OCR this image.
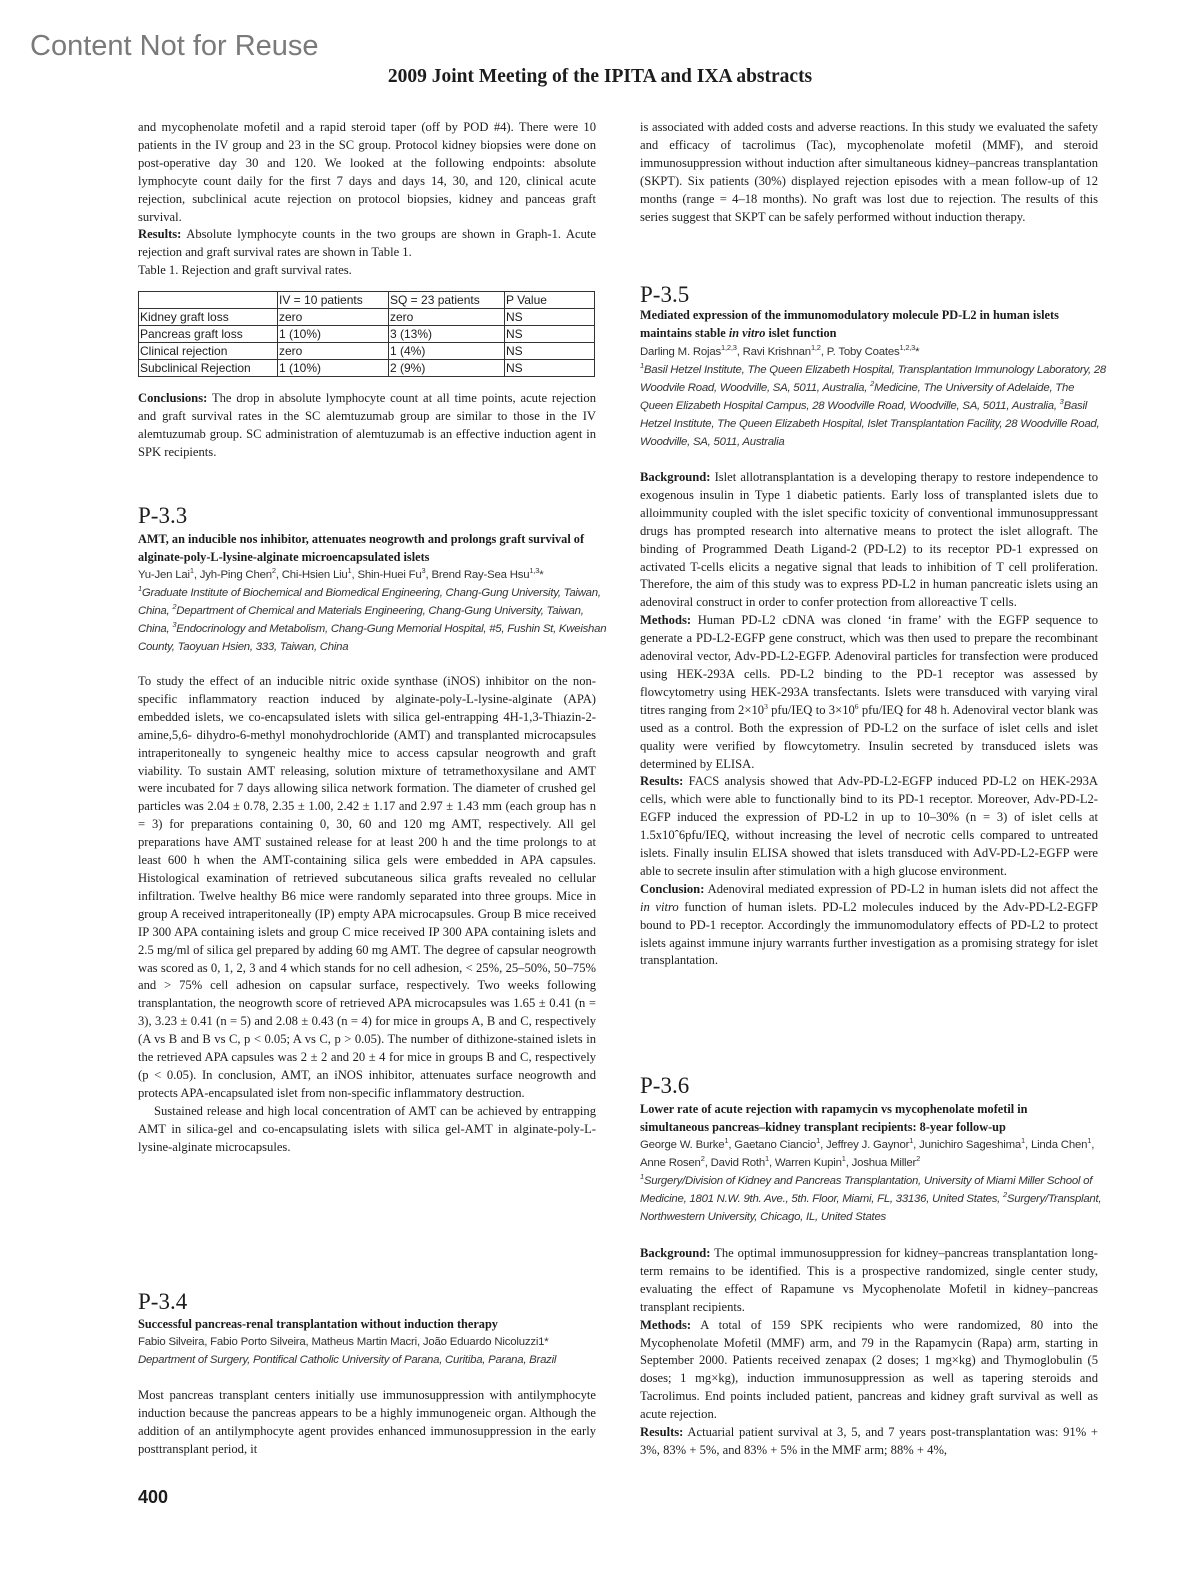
Content Not for Reuse
2009 Joint Meeting of the IPITA and IXA abstracts

and mycophenolate mofetil and a rapid steroid taper (off by POD #4). There were 10 patients in the IV group and 23 in the SC group. Protocol kidney biopsies were done on post-operative day 30 and 120. We looked at the following endpoints: absolute lymphocyte count daily for the first 7 days and days 14, 30, and 120, clinical acute rejection, subclinical acute rejection on protocol biopsies, kidney and panceas graft survival.

Results: Absolute lymphocyte counts in the two groups are shown in Graph-1. Acute rejection and graft survival rates are shown in Table 1.

Table 1. Rejection and graft survival rates.

	IV = 10 patients	SQ = 23 patients	P Value
Kidney graft loss	zero	zero	NS
Pancreas graft loss	1 (10%)	3 (13%)	NS
Clinical rejection	zero	1 (4%)	NS
Subclinical Rejection	1 (10%)	2 (9%)	NS

Conclusions: The drop in absolute lymphocyte count at all time points, acute rejection and graft survival rates in the SC alemtuzumab group are similar to those in the IV alemtuzumab group. SC administration of alemtuzumab is an effective induction agent in SPK recipients.

P-3.3
AMT, an inducible nos inhibitor, attenuates neogrowth and prolongs graft survival of alginate-poly-L-lysine-alginate microencapsulated islets
Yu-Jen Lai$^1$, Jyh-Ping Chen$^2$, Chi-Hsien Liu$^1$, Shin-Huei Fu$^3$, Brend Ray-Sea Hsu$^{1,3}$*
$^1$Graduate Institute of Biochemical and Biomedical Engineering, Chang-Gung University, Taiwan, China, $^2$Department of Chemical and Materials Engineering, Chang-Gung University, Taiwan, China, $^3$Endocrinology and Metabolism, Chang-Gung Memorial Hospital, #5, Fushin St, Kweishan County, Taoyuan Hsien, 333, Taiwan, China

To study the effect of an inducible nitric oxide synthase (iNOS) inhibitor on the non-specific inflammatory reaction induced by alginate-poly-L-lysine-alginate (APA) embedded islets, we co-encapsulated islets with silica gel-entrapping 4H-1,3-Thiazin-2-amine,5,6- dihydro-6-methyl monohydrochloride (AMT) and transplanted microcapsules intraperitoneally to syngeneic healthy mice to access capsular neogrowth and graft viability. To sustain AMT releasing, solution mixture of tetramethoxysilane and AMT were incubated for 7 days allowing silica network formation. The diameter of crushed gel particles was 2.04 ± 0.78, 2.35 ± 1.00, 2.42 ± 1.17 and 2.97 ± 1.43 mm (each group has n = 3) for preparations containing 0, 30, 60 and 120 mg AMT, respectively. All gel preparations have AMT sustained release for at least 200 h and the time prolongs to at least 600 h when the AMT-containing silica gels were embedded in APA capsules. Histological examination of retrieved subcutaneous silica grafts revealed no cellular infiltration. Twelve healthy B6 mice were randomly separated into three groups. Mice in group A received intraperitoneally (IP) empty APA microcapsules. Group B mice received IP 300 APA containing islets and group C mice received IP 300 APA containing islets and 2.5 mg/ml of silica gel prepared by adding 60 mg AMT. The degree of capsular neogrowth was scored as 0, 1, 2, 3 and 4 which stands for no cell adhesion, < 25%, 25–50%, 50–75% and > 75% cell adhesion on capsular surface, respectively. Two weeks following transplantation, the neogrowth score of retrieved APA microcapsules was 1.65 ± 0.41 (n = 3), 3.23 ± 0.41 (n = 5) and 2.08 ± 0.43 (n = 4) for mice in groups A, B and C, respectively (A vs B and B vs C, p < 0.05; A vs C, p > 0.05). The number of dithizone-stained islets in the retrieved APA capsules was 2 ± 2 and 20 ± 4 for mice in groups B and C, respectively (p < 0.05). In conclusion, AMT, an iNOS inhibitor, attenuates surface neogrowth and protects APA-encapsulated islet from non-specific inflammatory destruction.

Sustained release and high local concentration of AMT can be achieved by entrapping AMT in silica-gel and co-encapsulating islets with silica gel-AMT in alginate-poly-L-lysine-alginate microcapsules.

P-3.4
Successful pancreas-renal transplantation without induction therapy
Fabio Silveira, Fabio Porto Silveira, Matheus Martin Macri, João Eduardo Nicoluzzi1*
Department of Surgery, Pontifical Catholic University of Parana, Curitiba, Parana, Brazil

Most pancreas transplant centers initially use immunosuppression with antilymphocyte induction because the pancreas appears to be a highly immunogeneic organ. Although the addition of an antilymphocyte agent provides enhanced immunosuppression in the early posttransplant period, it

is associated with added costs and adverse reactions. In this study we evaluated the safety and efficacy of tacrolimus (Tac), mycophenolate mofetil (MMF), and steroid immunosuppression without induction after simultaneous kidney–pancreas transplantation (SKPT). Six patients (30%) displayed rejection episodes with a mean follow-up of 12 months (range = 4–18 months). No graft was lost due to rejection. The results of this series suggest that SKPT can be safely performed without induction therapy.

P-3.5
Mediated expression of the immunomodulatory molecule PD-L2 in human islets maintains stable in vitro islet function
Darling M. Rojas$^{1,2,3}$, Ravi Krishnan$^{1,2}$, P. Toby Coates$^{1,2,3}$*
$^1$Basil Hetzel Institute, The Queen Elizabeth Hospital, Transplantation Immunology Laboratory, 28 Woodvile Road, Woodville, SA, 5011, Australia, $^2$Medicine, The University of Adelaide, The Queen Elizabeth Hospital Campus, 28 Woodville Road, Woodville, SA, 5011, Australia, $^3$Basil Hetzel Institute, The Queen Elizabeth Hospital, Islet Transplantation Facility, 28 Woodville Road, Woodville, SA, 5011, Australia
Background: Islet allotransplantation is a developing therapy to restore independence to exogenous insulin in Type 1 diabetic patients. Early loss of transplanted islets due to alloimmunity coupled with the islet specific toxicity of conventional immunosuppressant drugs has prompted research into alternative means to protect the islet allograft. The binding of Programmed Death Ligand-2 (PD-L2) to its receptor PD-1 expressed on activated T-cells elicits a negative signal that leads to inhibition of T cell proliferation. Therefore, the aim of this study was to express PD-L2 in human pancreatic islets using an adenoviral construct in order to confer protection from alloreactive T cells.
Methods: Human PD-L2 cDNA was cloned ‘in frame’ with the EGFP sequence to generate a PD-L2-EGFP gene construct, which was then used to prepare the recombinant adenoviral vector, Adv-PD-L2-EGFP. Adenoviral particles for transfection were produced using HEK-293A cells. PD-L2 binding to the PD-1 receptor was assessed by flowcytometry using HEK-293A transfectants. Islets were transduced with varying viral titres ranging from $2\times 10^3$ pfu/IEQ to $3\times 10^6$ pfu/IEQ for 48 h. Adenoviral vector blank was used as a control. Both the expression of PD-L2 on the surface of islet cells and islet quality were verified by flowcytometry. Insulin secreted by transduced islets was determined by ELISA.
Results: FACS analysis showed that Adv-PD-L2-EGFP induced PD-L2 on HEK-293A cells, which were able to functionally bind to its PD-1 receptor. Moreover, Adv-PD-L2-EGFP induced the expression of PD-L2 in up to 10–30% (n = 3) of islet cells at 1.5x10ˆ6pfu/IEQ, without increasing the level of necrotic cells compared to untreated islets. Finally insulin ELISA showed that islets transduced with AdV-PD-L2-EGFP were able to secrete insulin after stimulation with a high glucose environment.
Conclusion: Adenoviral mediated expression of PD-L2 in human islets did not affect the in vitro function of human islets. PD-L2 molecules induced by the Adv-PD-L2-EGFP bound to PD-1 receptor. Accordingly the immunomodulatory effects of PD-L2 to protect islets against immune injury warrants further investigation as a promising strategy for islet transplantation.
P-3.6
Lower rate of acute rejection with rapamycin vs mycophenolate mofetil in simultaneous pancreas–kidney transplant recipients: 8-year follow-up
George W. Burke$^1$, Gaetano Ciancio$^1$, Jeffrey J. Gaynor$^1$, Junichiro Sageshima$^1$, Linda Chen$^1$, Anne Rosen$^2$, David Roth$^1$, Warren Kupin$^1$, Joshua Miller$^2$
$^1$Surgery/Division of Kidney and Pancreas Transplantation, University of Miami Miller School of Medicine, 1801 N.W. 9th. Ave., 5th. Floor, Miami, FL, 33136, United States, $^2$Surgery/Transplant, Northwestern University, Chicago, IL, United States
Background: The optimal immunosuppression for kidney–pancreas transplantation long-term remains to be identified. This is a prospective randomized, single center study, evaluating the effect of Rapamune vs Mycophenolate Mofetil in kidney–pancreas transplant recipients.
Methods: A total of 159 SPK recipients who were randomized, 80 into the Mycophenolate Mofetil (MMF) arm, and 79 in the Rapamycin (Rapa) arm, starting in September 2000. Patients received zenapax (2 doses; 1 mg×kg) and Thymoglobulin (5 doses; 1 mg×kg), induction immunosuppression as well as tapering steroids and Tacrolimus. End points included patient, pancreas and kidney graft survival as well as acute rejection.
Results: Actuarial patient survival at 3, 5, and 7 years post-transplantation was: 91% + 3%, 83% + 5%, and 83% + 5% in the MMF arm; 88% + 4%,
400
